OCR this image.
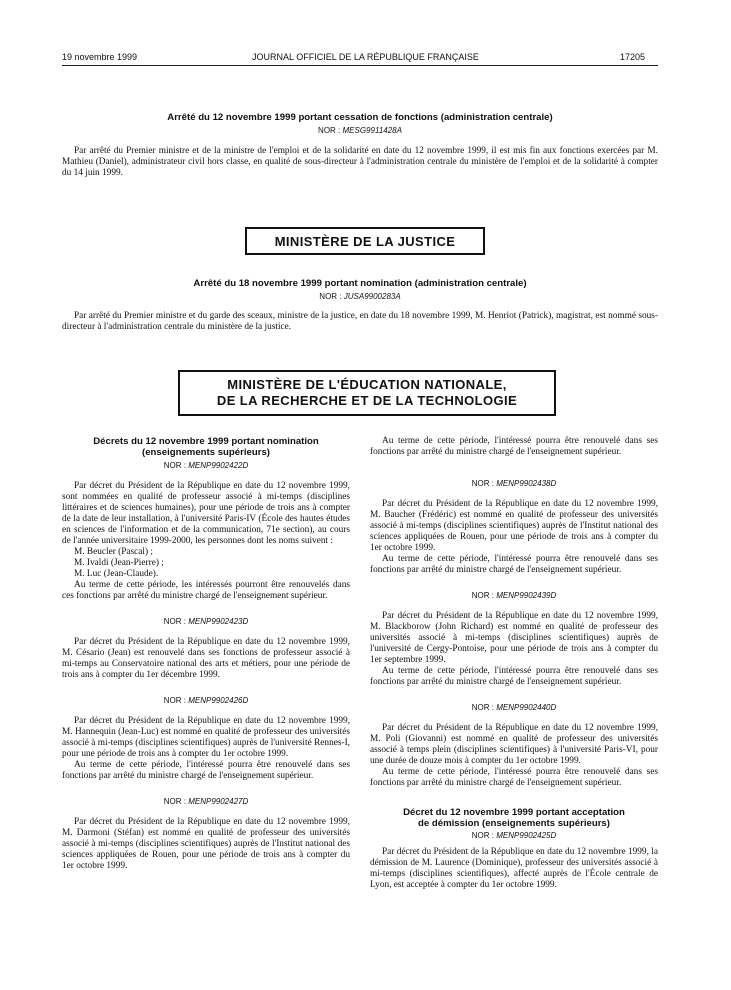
19 novembre 1999	JOURNAL OFFICIEL DE LA RÉPUBLIQUE FRANÇAISE	17205
Arrêté du 12 novembre 1999 portant cessation de fonctions (administration centrale)
NOR : MESG9911428A

Par arrêté du Premier ministre et de la ministre de l'emploi et de la solidarité en date du 12 novembre 1999, il est mis fin aux fonctions exercées par M. Mathieu (Daniel), administrateur civil hors classe, en qualité de sous-directeur à l'administration centrale du ministère de l'emploi et de la solidarité à compter du 14 juin 1999.

MINISTÈRE DE LA JUSTICE
Arrêté du 18 novembre 1999 portant nomination (administration centrale)
NOR : JUSA9900283A

Par arrêté du Premier ministre et du garde des sceaux, ministre de la justice, en date du 18 novembre 1999, M. Henriot (Patrick), magistrat, est nommé sous-directeur à l'administration centrale du ministère de la justice.

MINISTÈRE DE L'ÉDUCATION NATIONALE,
DE LA RECHERCHE ET DE LA TECHNOLOGIE
Décrets du 12 novembre 1999 portant nomination
(enseignements supérieurs)
NOR : MENP9902422D

Par décret du Président de la République en date du 12 novembre 1999, sont nommées en qualité de professeur associé à mi-temps (disciplines littéraires et de sciences humaines), pour une période de trois ans à compter de la date de leur installation, à l'université Paris-IV (École des hautes études en sciences de l'information et de la communication, 71e section), au cours de l'année universitaire 1999-2000, les personnes dont les noms suivent :

M. Beucler (Pascal) ;
M. Ivaldi (Jean-Pierre) ;
M. Luc (Jean-Claude).

Au terme de cette période, les intéressés pourront être renouvelés dans ces fonctions par arrêté du ministre chargé de l'enseignement supérieur.

NOR : MENP9902423D

Par décret du Président de la République en date du 12 novembre 1999, M. Césario (Jean) est renouvelé dans ses fonctions de professeur associé à mi-temps au Conservatoire national des arts et métiers, pour une période de trois ans à compter du 1er décembre 1999.

NOR : MENP9902426D

Par décret du Président de la République en date du 12 novembre 1999, M. Hannequin (Jean-Luc) est nommé en qualité de professeur des universités associé à mi-temps (disciplines scientifiques) auprès de l'université Rennes-I, pour une période de trois ans à compter du 1er octobre 1999.

Au terme de cette période, l'intéressé pourra être renouvelé dans ses fonctions par arrêté du ministre chargé de l'enseignement supérieur.

NOR : MENP9902427D

Par décret du Président de la République en date du 12 novembre 1999, M. Darmoni (Stéfan) est nommé en qualité de professeur des universités associé à mi-temps (disciplines scientifiques) auprès de l'Institut national des sciences appliquées de Rouen, pour une période de trois ans à compter du 1er octobre 1999.

Au terme de cette période, l'intéressé pourra être renouvelé dans ses fonctions par arrêté du ministre chargé de l'enseignement supérieur.

NOR : MENP9902438D

Par décret du Président de la République en date du 12 novembre 1999, M. Baucher (Frédéric) est nommé en qualité de professeur des universités associé à mi-temps (disciplines scientifiques) auprès de l'Institut national des sciences appliquées de Rouen, pour une période de trois ans à compter du 1er octobre 1999.

Au terme de cette période, l'intéressé pourra être renouvelé dans ses fonctions par arrêté du ministre chargé de l'enseignement supérieur.

NOR : MENP9902439D

Par décret du Président de la République en date du 12 novembre 1999, M. Blackborow (John Richard) est nommé en qualité de professeur des universités associé à mi-temps (disciplines scientifiques) auprès de l'université de Cergy-Pontoise, pour une période de trois ans à compter du 1er septembre 1999.

Au terme de cette période, l'intéressé pourra être renouvelé dans ses fonctions par arrêté du ministre chargé de l'enseignement supérieur.

NOR : MENP9902440D

Par décret du Président de la République en date du 12 novembre 1999, M. Poli (Giovanni) est nommé en qualité de professeur des universités associé à temps plein (disciplines scientifiques) à l'université Paris-VI, pour une durée de douze mois à compter du 1er octobre 1999.

Au terme de cette période, l'intéressé pourra être renouvelé dans ses fonctions par arrêté du ministre chargé de l'enseignement supérieur.

Décret du 12 novembre 1999 portant acceptation
de démission (enseignements supérieurs)
NOR : MENP9902425D

Par décret du Président de la République en date du 12 novembre 1999, la démission de M. Laurence (Dominique), professeur des universités associé à mi-temps (disciplines scientifiques), affecté auprès de l'École centrale de Lyon, est acceptée à compter du 1er octobre 1999.
